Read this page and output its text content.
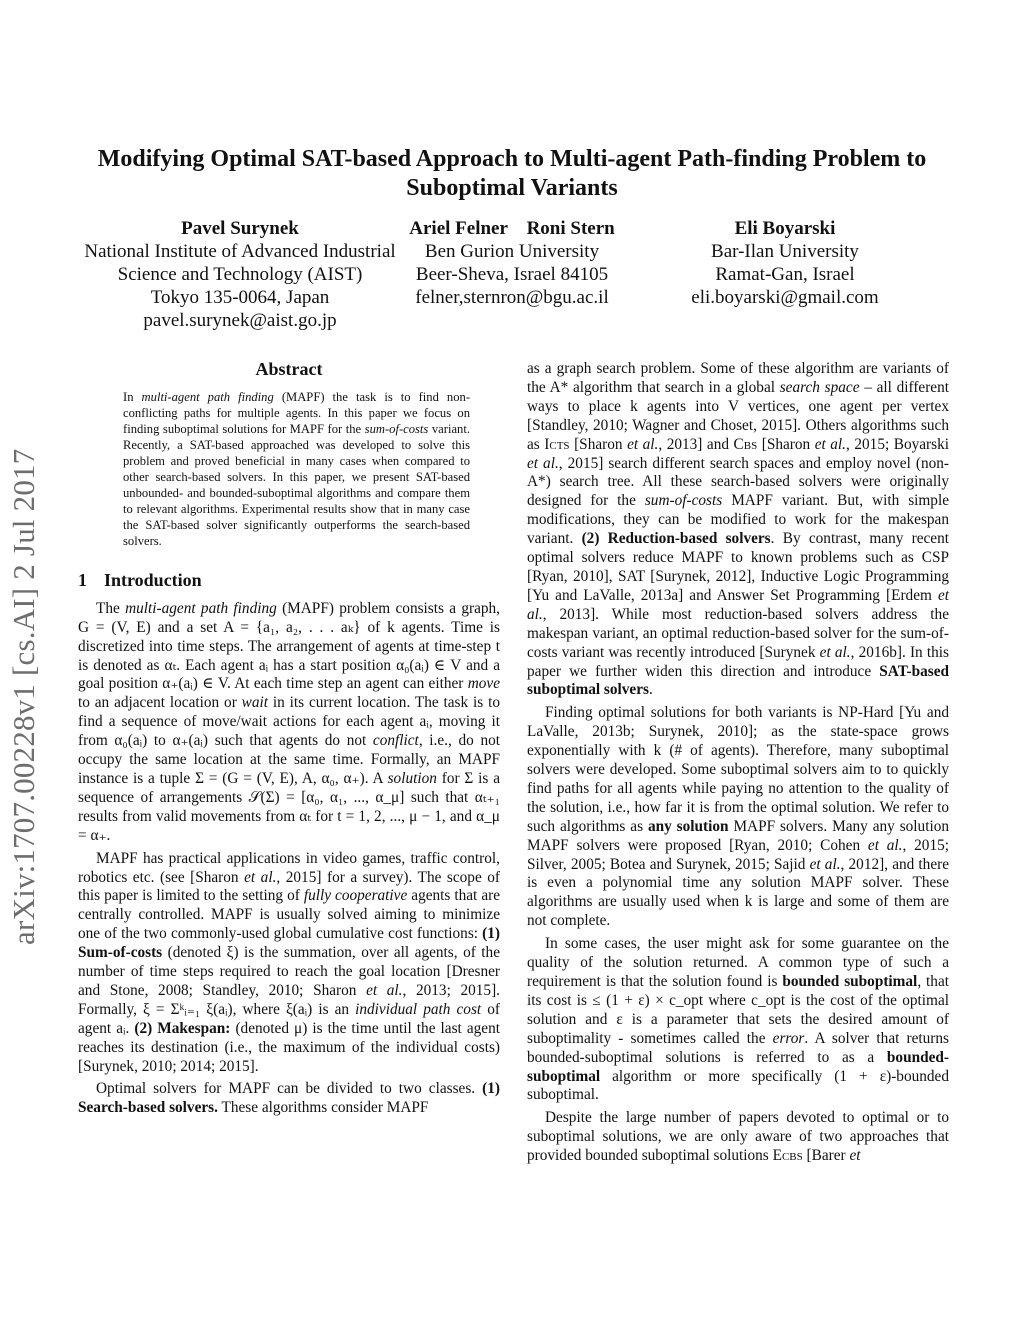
arXiv:1707.00228v1 [cs.AI] 2 Jul 2017
Modifying Optimal SAT-based Approach to Multi-agent Path-finding Problem to Suboptimal Variants
Pavel Surynek
National Institute of Advanced Industrial
Science and Technology (AIST)
Tokyo 135-0064, Japan
pavel.surynek@aist.go.jp
Ariel Felner    Roni Stern
Ben Gurion University
Beer-Sheva, Israel 84105
felner,sternron@bgu.ac.il
Eli Boyarski
Bar-Ilan University
Ramat-Gan, Israel
eli.boyarski@gmail.com
Abstract
In multi-agent path finding (MAPF) the task is to find non-conflicting paths for multiple agents. In this paper we focus on finding suboptimal solutions for MAPF for the sum-of-costs variant. Recently, a SAT-based approached was developed to solve this problem and proved beneficial in many cases when compared to other search-based solvers. In this paper, we present SAT-based unbounded- and bounded-suboptimal algorithms and compare them to relevant algorithms. Experimental results show that in many case the SAT-based solver significantly outperforms the search-based solvers.
1 Introduction

The multi-agent path finding (MAPF) problem consists a graph, G = (V, E) and a set A = {a₁, a₂, . . . aₖ} of k agents. Time is discretized into time steps. The arrangement of agents at time-step t is denoted as αₜ. Each agent aᵢ has a start position α₀(aᵢ) ∈ V and a goal position α₊(aᵢ) ∈ V. At each time step an agent can either move to an adjacent location or wait in its current location. The task is to find a sequence of move/wait actions for each agent aᵢ, moving it from α₀(aᵢ) to α₊(aᵢ) such that agents do not conflict, i.e., do not occupy the same location at the same time. Formally, an MAPF instance is a tuple Σ = (G = (V, E), A, α₀, α₊). A solution for Σ is a sequence of arrangements 𝒮(Σ) = [α₀, α₁, ..., α_μ] such that αₜ₊₁ results from valid movements from αₜ for t = 1, 2, ..., μ − 1, and α_μ = α₊.

MAPF has practical applications in video games, traffic control, robotics etc. (see [Sharon et al., 2015] for a survey). The scope of this paper is limited to the setting of fully cooperative agents that are centrally controlled. MAPF is usually solved aiming to minimize one of the two commonly-used global cumulative cost functions: (1) Sum-of-costs (denoted ξ) is the summation, over all agents, of the number of time steps required to reach the goal location [Dresner and Stone, 2008; Standley, 2010; Sharon et al., 2013; 2015]. Formally, ξ = Σᵏᵢ₌₁ ξ(aᵢ), where ξ(aᵢ) is an individual path cost of agent aᵢ. (2) Makespan: (denoted μ) is the time until the last agent reaches its destination (i.e., the maximum of the individual costs) [Surynek, 2010; 2014; 2015].

Optimal solvers for MAPF can be divided to two classes. (1) Search-based solvers. These algorithms consider MAPF

as a graph search problem. Some of these algorithm are variants of the A* algorithm that search in a global search space – all different ways to place k agents into V vertices, one agent per vertex [Standley, 2010; Wagner and Choset, 2015]. Others algorithms such as Icts [Sharon et al., 2013] and Cbs [Sharon et al., 2015; Boyarski et al., 2015] search different search spaces and employ novel (non-A*) search tree. All these search-based solvers were originally designed for the sum-of-costs MAPF variant. But, with simple modifications, they can be modified to work for the makespan variant. (2) Reduction-based solvers. By contrast, many recent optimal solvers reduce MAPF to known problems such as CSP [Ryan, 2010], SAT [Surynek, 2012], Inductive Logic Programming [Yu and LaValle, 2013a] and Answer Set Programming [Erdem et al., 2013]. While most reduction-based solvers address the makespan variant, an optimal reduction-based solver for the sum-of-costs variant was recently introduced [Surynek et al., 2016b]. In this paper we further widen this direction and introduce SAT-based suboptimal solvers.

Finding optimal solutions for both variants is NP-Hard [Yu and LaValle, 2013b; Surynek, 2010]; as the state-space grows exponentially with k (# of agents). Therefore, many suboptimal solvers were developed. Some suboptimal solvers aim to to quickly find paths for all agents while paying no attention to the quality of the solution, i.e., how far it is from the optimal solution. We refer to such algorithms as any solution MAPF solvers. Many any solution MAPF solvers were proposed [Ryan, 2010; Cohen et al., 2015; Silver, 2005; Botea and Surynek, 2015; Sajid et al., 2012], and there is even a polynomial time any solution MAPF solver. These algorithms are usually used when k is large and some of them are not complete.

In some cases, the user might ask for some guarantee on the quality of the solution returned. A common type of such a requirement is that the solution found is bounded suboptimal, that its cost is ≤ (1 + ε) × c_opt where c_opt is the cost of the optimal solution and ε is a parameter that sets the desired amount of suboptimality - sometimes called the error. A solver that returns bounded-suboptimal solutions is referred to as a bounded-suboptimal algorithm or more specifically (1 + ε)-bounded suboptimal.

Despite the large number of papers devoted to optimal or to suboptimal solutions, we are only aware of two approaches that provided bounded suboptimal solutions Ecbs [Barer et
